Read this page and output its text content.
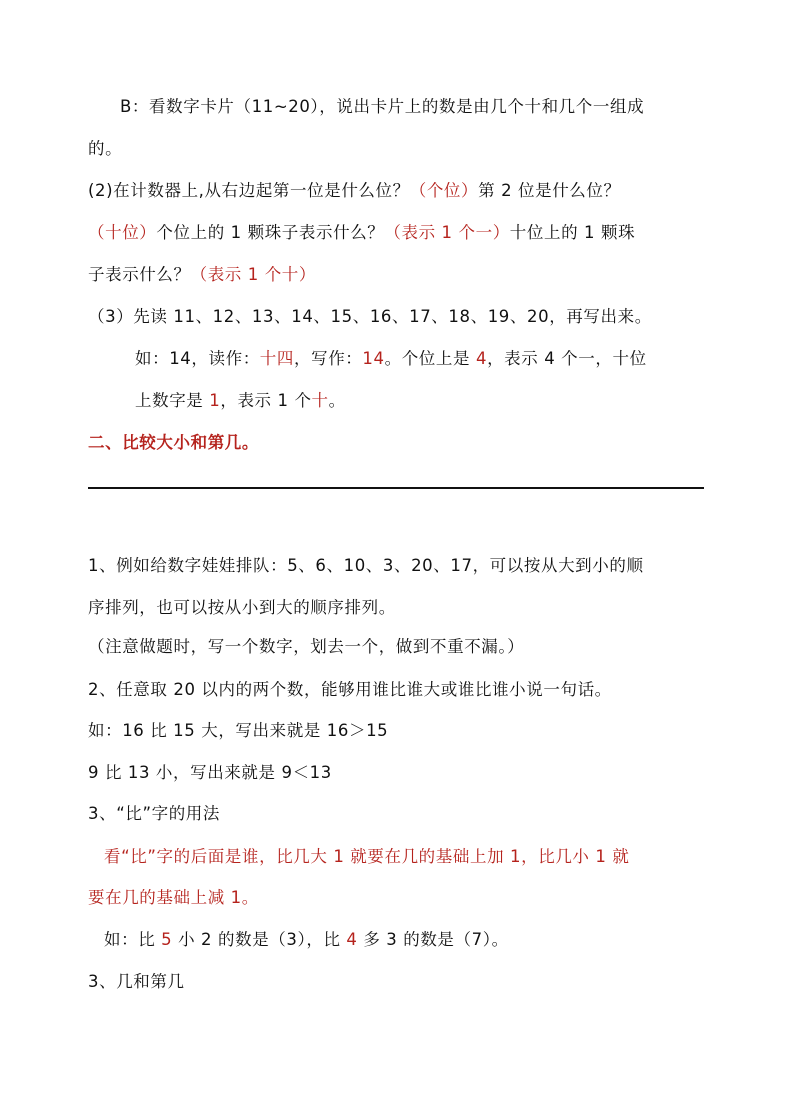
B：看数字卡片（11~20），说出卡片上的数是由几个十和几个一组成
的。
(2)在计数器上,从右边起第一位是什么位？（个位）第 2 位是什么位？
（十位）个位上的 1 颗珠子表示什么？（表示 1 个一）十位上的 1 颗珠
子表示什么？（表示 1 个十）
（3）先读 11、12、13、14、15、16、17、18、19、20，再写出来。
如：14，读作：十四，写作：14。个位上是 4，表示 4 个一，十位
上数字是 1，表示 1 个十。
二、比较大小和第几。
1、例如给数字娃娃排队：5、6、10、3、20、17，可以按从大到小的顺
序排列，也可以按从小到大的顺序排列。
（注意做题时，写一个数字，划去一个，做到不重不漏。）
2、任意取 20 以内的两个数，能够用谁比谁大或谁比谁小说一句话。
如：16 比 15 大，写出来就是 16＞15
9 比 13 小，写出来就是 9＜13
3、“比”字的用法
看“比”字的后面是谁，比几大 1 就要在几的基础上加 1，比几小 1 就
要在几的基础上减 1。
如：比 5 小 2 的数是（3），比 4 多 3 的数是（7）。
3、几和第几
